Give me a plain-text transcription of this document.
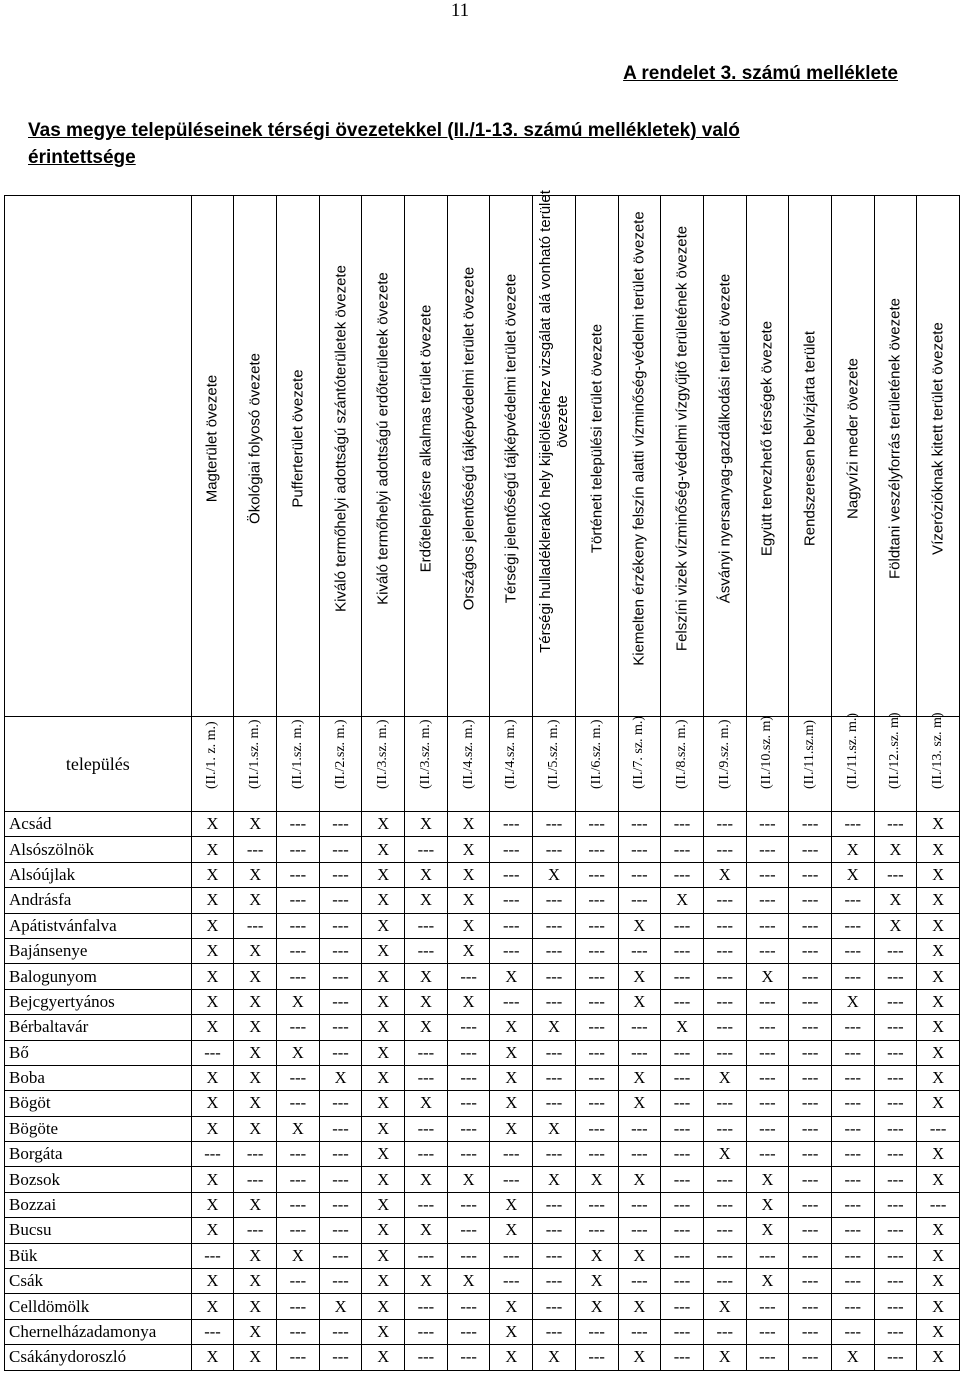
11
A rendelet 3. számú melléklete
Vas megye településeinek térségi övezetekkel (II./1-13. számú mellékletek) való érintettsége

	Magterület övezete	Ökológiai folyosó övezete	Pufferterület övezete	Kiváló termőhelyi adottságú szántóterületek övezete	Kiváló termőhelyi adottságú erdőterületek övezete	Erdőtelepítésre alkalmas terület övezete	Országos jelentőségű tájképvédelmi terület övezete	Térségi jelentőségű tájképvédelmi terület övezete	Térségi hulladéklerakó hely kijelöléséhez vizsgálat alá vonható terület övezete	Történeti települési terület övezete	Kiemelten érzékeny felszín alatti vízminőség-védelmi terület övezete	Felszíni vizek vízminőség-védelmi vízgyűjtő területének övezete	Ásványi nyersanyag-gazdálkodási terület övezete	Együtt tervezhető térségek övezete	Rendszeresen belvízjárta terület	Nagyvízi meder övezete	Földtani veszélyforrás területének övezete	Vízerózióknak kitett terület övezete

település	(II./1. z. m.)	(II./1.sz. m.)	(II./1.sz. m.)	(II./2.sz. m.)	(II./3.sz. m.)	(II./3.sz. m.)	(II./4.sz. m.)	(II./4.sz. m.)	(II./5.sz. m.)	(II./6.sz. m.)	(II./7. sz. m.)	(II./8.sz. m.)	(II./9.sz. m.)	(II./10.sz. m)	(II./11.sz.m)	(II./11.sz. m.)	(II./12..sz. m)	(II./13. sz. m)

Acsád	X	X	---	---	X	X	X	---	---	---	---	---	---	---	---	---	---	X
Alsószölnök	X	---	---	---	X	---	X	---	---	---	---	---	---	---	---	X	X	X
Alsóújlak	X	X	---	---	X	X	X	---	X	---	---	---	X	---	---	X	---	X
Andrásfa	X	X	---	---	X	X	X	---	---	---	---	X	---	---	---	---	X	X
Apátistvánfalva	X	---	---	---	X	---	X	---	---	---	X	---	---	---	---	---	X	X
Bajánsenye	X	X	---	---	X	---	X	---	---	---	---	---	---	---	---	---	---	X
Balogunyom	X	X	---	---	X	X	---	X	---	---	X	---	---	X	---	---	---	X
Bejcgyertyános	X	X	X	---	X	X	X	---	---	---	X	---	---	---	---	X	---	X
Bérbaltavár	X	X	---	---	X	X	---	X	X	---	---	X	---	---	---	---	---	X
Bő	---	X	X	---	X	---	---	X	---	---	---	---	---	---	---	---	---	X
Boba	X	X	---	X	X	---	---	X	---	---	X	---	X	---	---	---	---	X
Bögöt	X	X	---	---	X	X	---	X	---	---	X	---	---	---	---	---	---	X
Bögöte	X	X	X	---	X	---	---	X	X	---	---	---	---	---	---	---	---	---
Borgáta	---	---	---	---	X	---	---	---	---	---	---	---	X	---	---	---	---	X
Bozsok	X	---	---	---	X	X	X	---	X	X	X	---	---	X	---	---	---	X
Bozzai	X	X	---	---	X	---	---	X	---	---	---	---	---	X	---	---	---	---
Bucsu	X	---	---	---	X	X	---	X	---	---	---	---	---	X	---	---	---	X
Bük	---	X	X	---	X	---	---	---	---	X	X	---	---	---	---	---	---	X
Csák	X	X	---	---	X	X	X	---	---	X	---	---	---	X	---	---	---	X
Celldömölk	X	X	---	X	X	---	---	X	---	X	X	---	X	---	---	---	---	X
Chernelházadamonya	---	X	---	---	X	---	---	X	---	---	---	---	---	---	---	---	---	X
Csákánydoroszló	X	X	---	---	X	---	---	X	X	---	X	---	X	---	---	X	---	X
